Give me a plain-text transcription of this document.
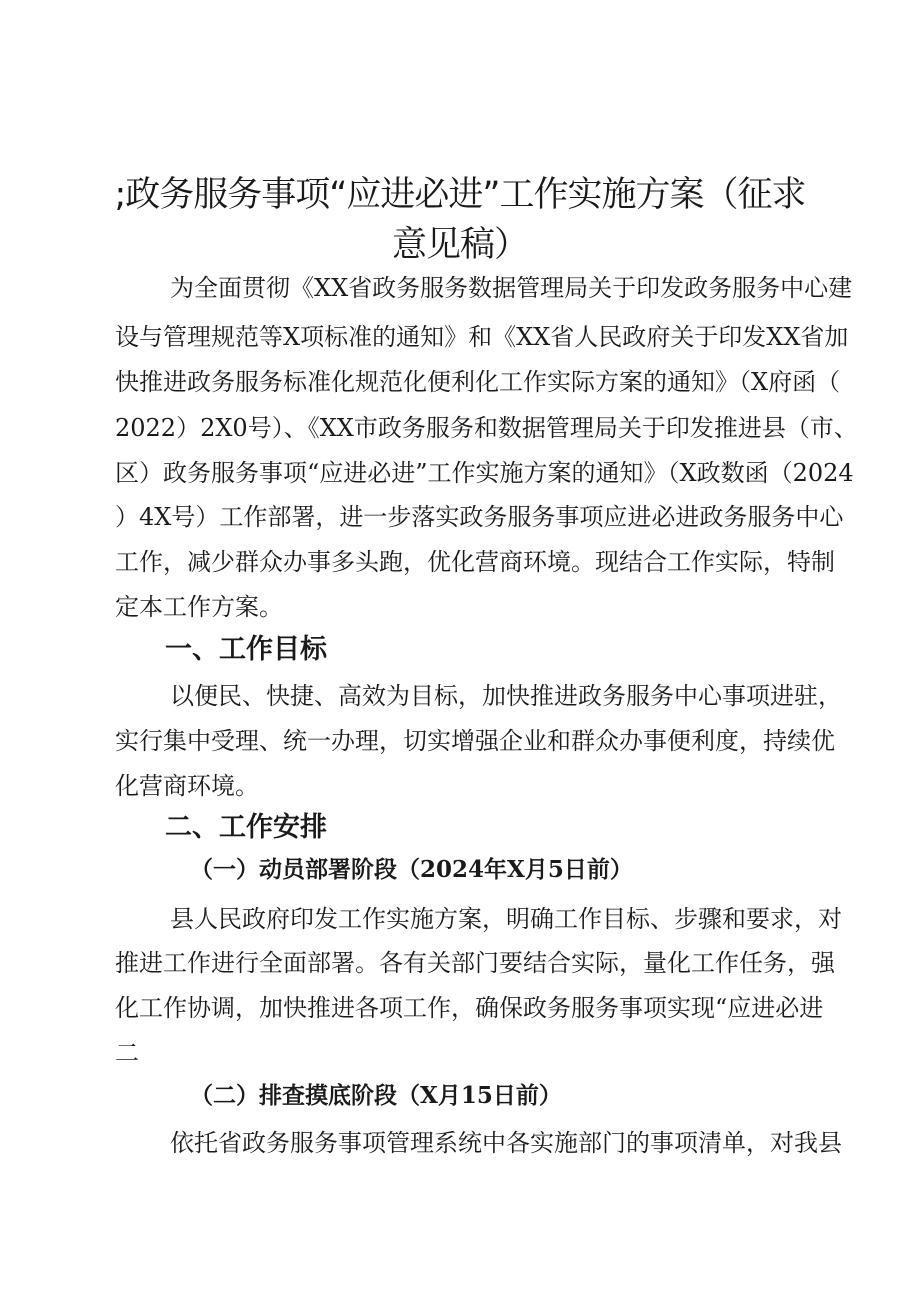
;政务服务事项“应进必进”工作实施方案（征求
意见稿）

为全面贯彻《XX省政务服务数据管理局关于印发政务服务中心建

设与管理规范等X项标准的通知》和《XX省人民政府关于印发XX省加

快推进政务服务标准化规范化便利化工作实际方案的通知》（X府函（

2022）2X0号）、《XX市政务服务和数据管理局关于印发推进县（市、

区）政务服务事项“应进必进”工作实施方案的通知》（X政数函（2024

）4X号）工作部署，进一步落实政务服务事项应进必进政务服务中心

工作，减少群众办事多头跑，优化营商环境。现结合工作实际，特制

定本工作方案。

一、工作目标

以便民、快捷、高效为目标，加快推进政务服务中心事项进驻，

实行集中受理、统一办理，切实增强企业和群众办事便利度，持续优

化营商环境。

二、工作安排
（一）动员部署阶段（2024年X月5日前）

县人民政府印发工作实施方案，明确工作目标、步骤和要求，对

推进工作进行全面部署。各有关部门要结合实际，量化工作任务，强

化工作协调，加快推进各项工作，确保政务服务事项实现“应进必进

二

（二）排查摸底阶段（X月15日前）

依托省政务服务事项管理系统中各实施部门的事项清单，对我县
